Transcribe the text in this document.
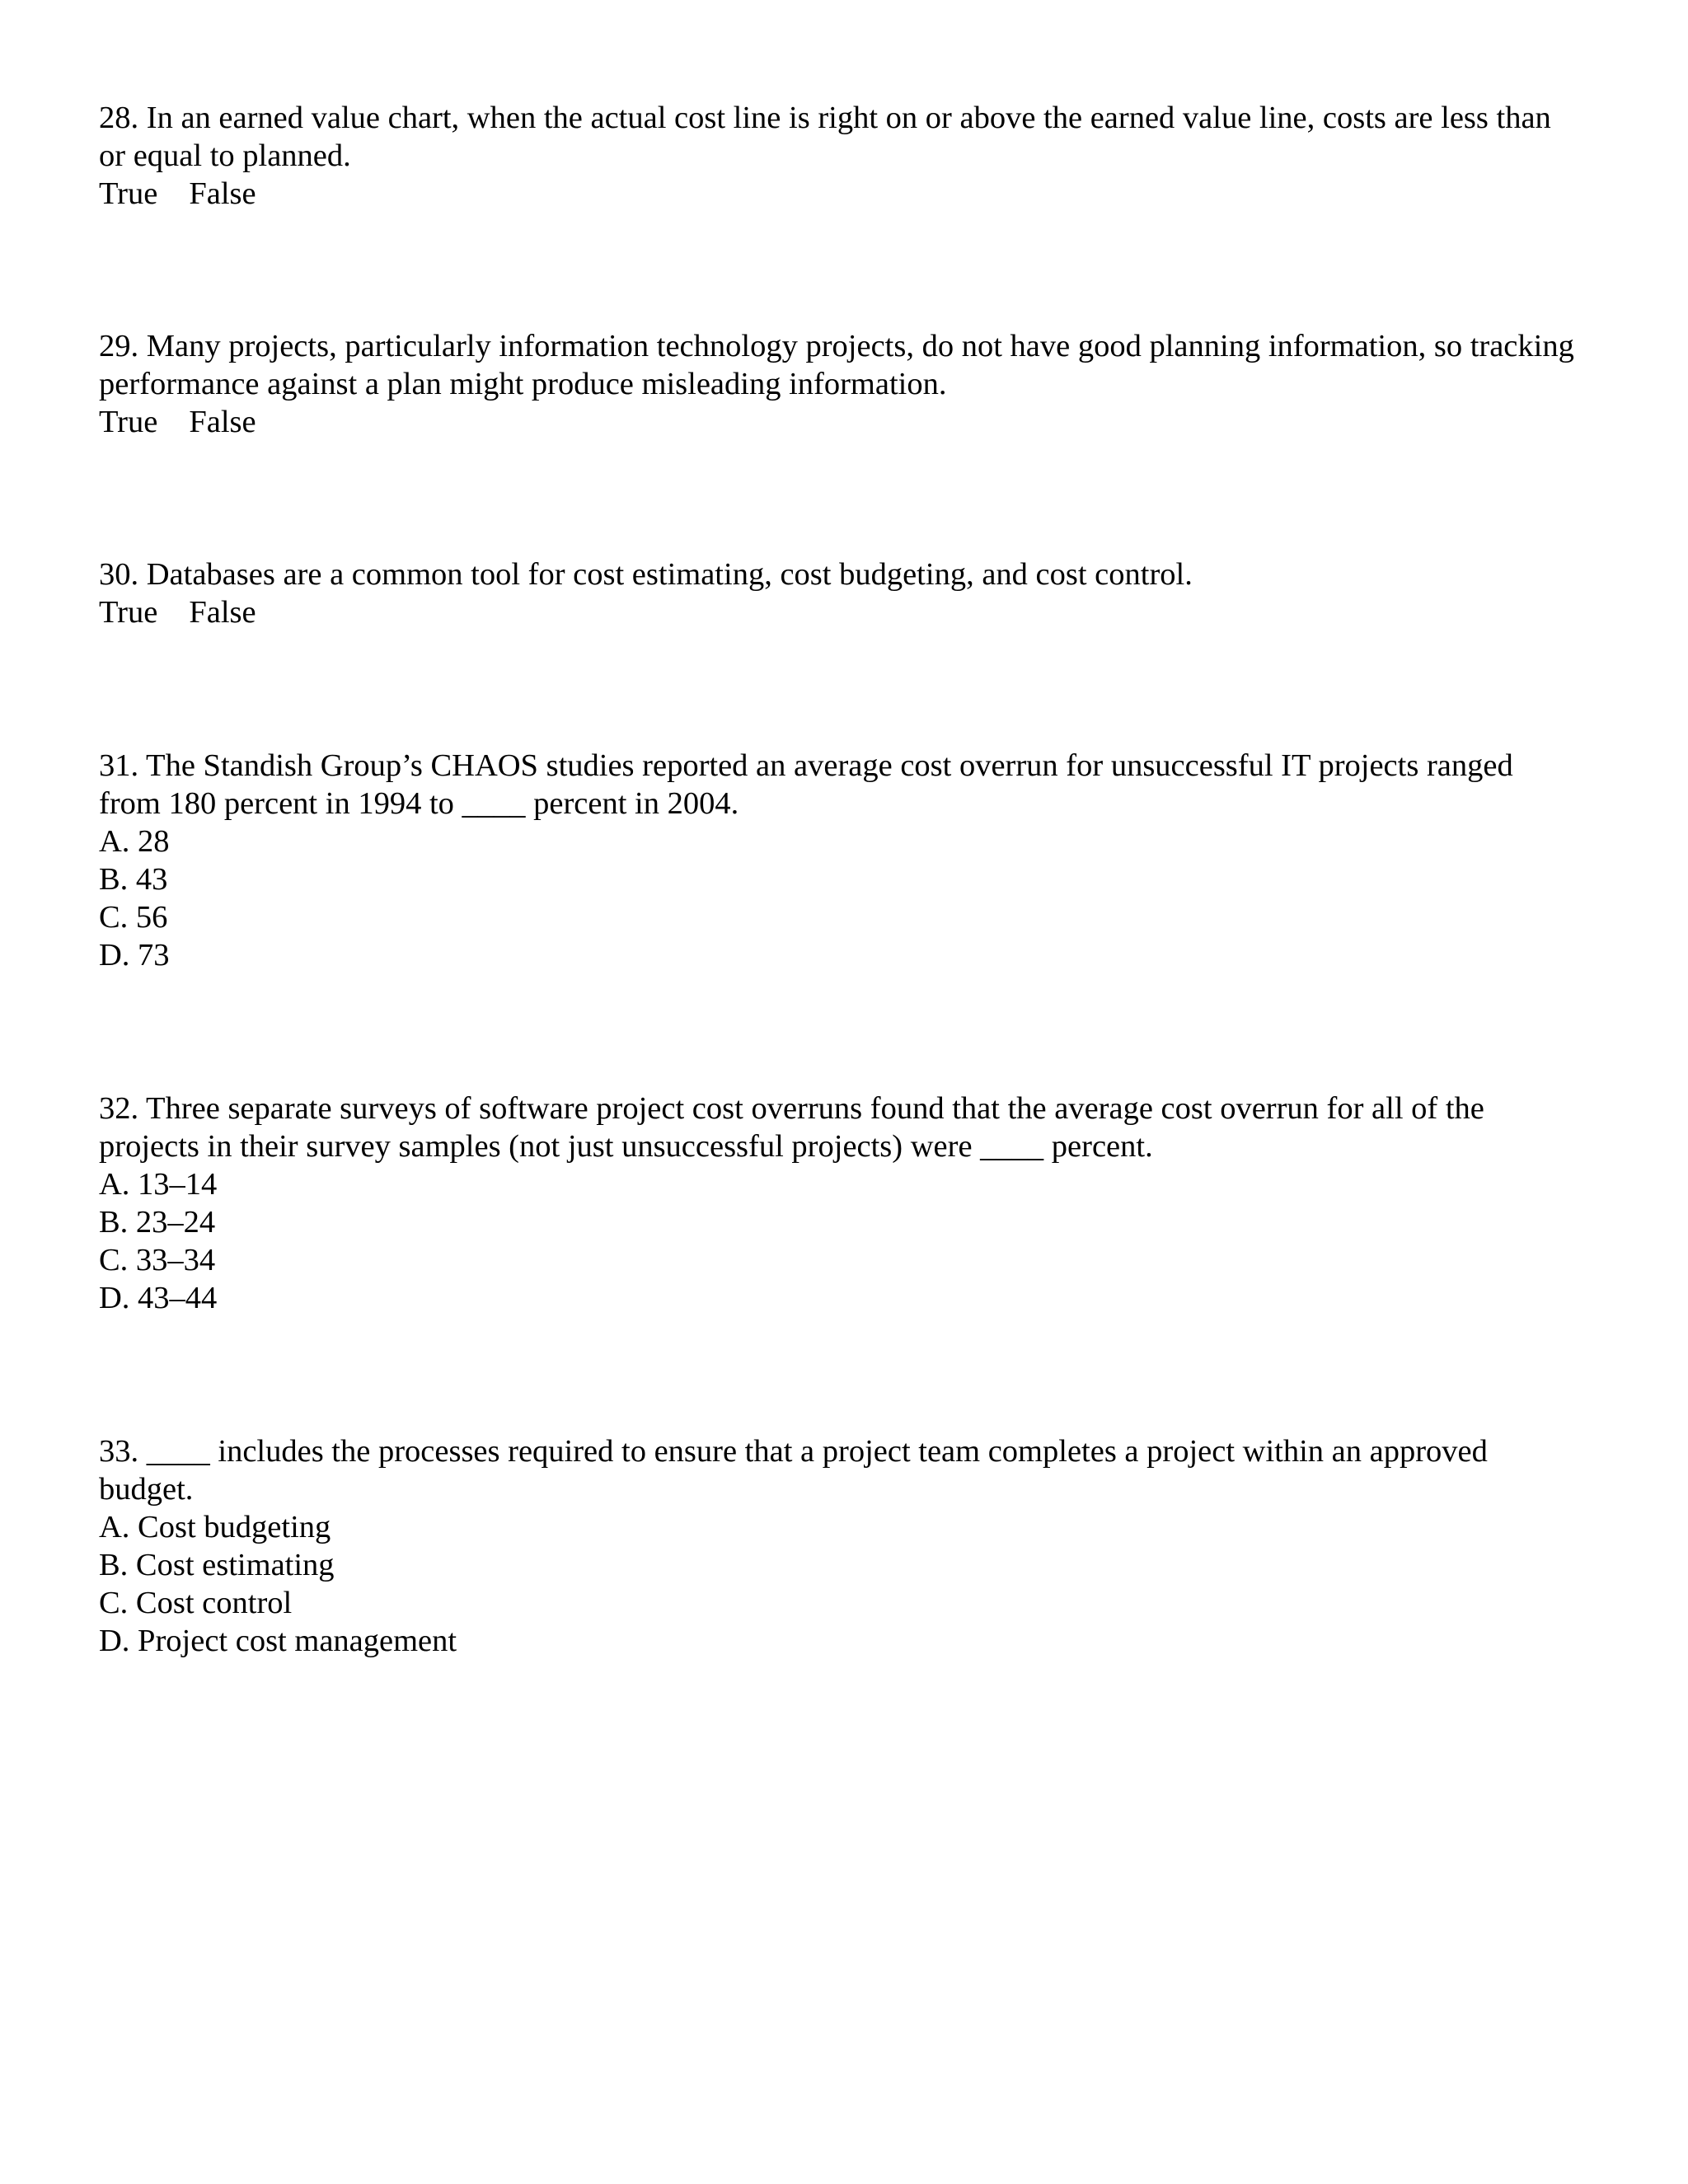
28. In an earned value chart, when the actual cost line is right on or above the earned value line, costs are less than or equal to planned.

True False

29. Many projects, particularly information technology projects, do not have good planning information, so tracking performance against a plan might produce misleading information.

True False

30. Databases are a common tool for cost estimating, cost budgeting, and cost control.

True False

31. The Standish Group’s CHAOS studies reported an average cost overrun for unsuccessful IT projects ranged from 180 percent in 1994 to ____ percent in 2004.

A. 28
B. 43
C. 56
D. 73

32. Three separate surveys of software project cost overruns found that the average cost overrun for all of the projects in their survey samples (not just unsuccessful projects) were ____ percent.

A. 13–14
B. 23–24
C. 33–34
D. 43–44

33. ____ includes the processes required to ensure that a project team completes a project within an approved budget.

A. Cost budgeting
B. Cost estimating
C. Cost control
D. Project cost management
